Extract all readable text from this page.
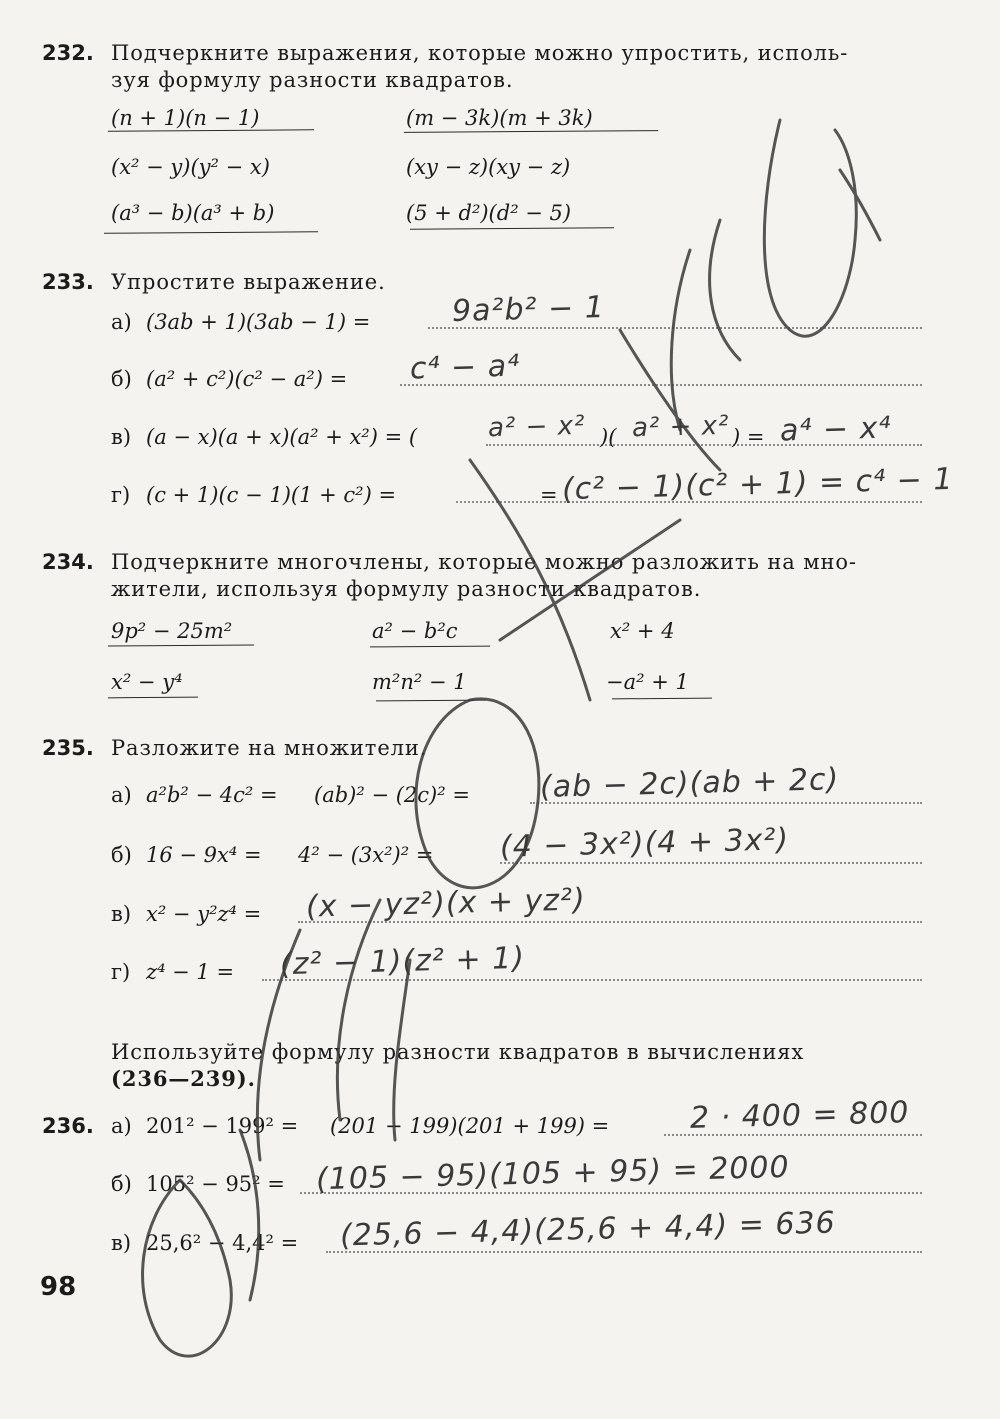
232. Подчеркните выражения, которые можно упростить, исполь-
зуя формулу разности квадратов.
(n + 1)(n − 1)	(m − 3k)(m + 3k)
(x² − y)(y² − x)	(xy − z)(xy − z)
(a³ − b)(a³ + b)	(5 + d²)(d² − 5)
233. Упростите выражение.
а) (3ab + 1)(3ab − 1) =	9a²b² − 1
б) (a² + c²)(c² − a²) = c⁴ − a⁴
в) (a − x)(a + x)(a² + x²) = (	a² − x² )( a² + x² ) = a⁴ − x⁴
г) (c + 1)(c − 1)(1 + c²) =	= (c² − 1)(c² + 1) = c⁴ − 1
234. Подчеркните многочлены, которые можно разложить на мно-
жители, используя формулу разности квадратов.
9p² − 25m²	a² − b²c	x² + 4
x² − y⁴	m²n² − 1	−a² + 1
235. Разложите на множители.
а) a²b² − 4c² = (ab)² − (2c)² = (ab − 2c)(ab + 2c)
б) 16 − 9x⁴ = 4² − (3x²)² = (4 − 3x²)(4 + 3x²)
в) x² − y²z⁴ = (x − yz²)(x + yz²)
г) z⁴ − 1 = (z² − 1)(z² + 1)
Используйте формулу разности квадратов в вычислениях
(236—239).
236. а) 201² − 199² = (201 − 199)(201 + 199) =	2 · 400 = 800
б) 105² − 95² = (105 − 95)(105 + 95) = 2000
в) 25,6² − 4,4² = (25,6 − 4,4)(25,6 + 4,4) = 636
98
